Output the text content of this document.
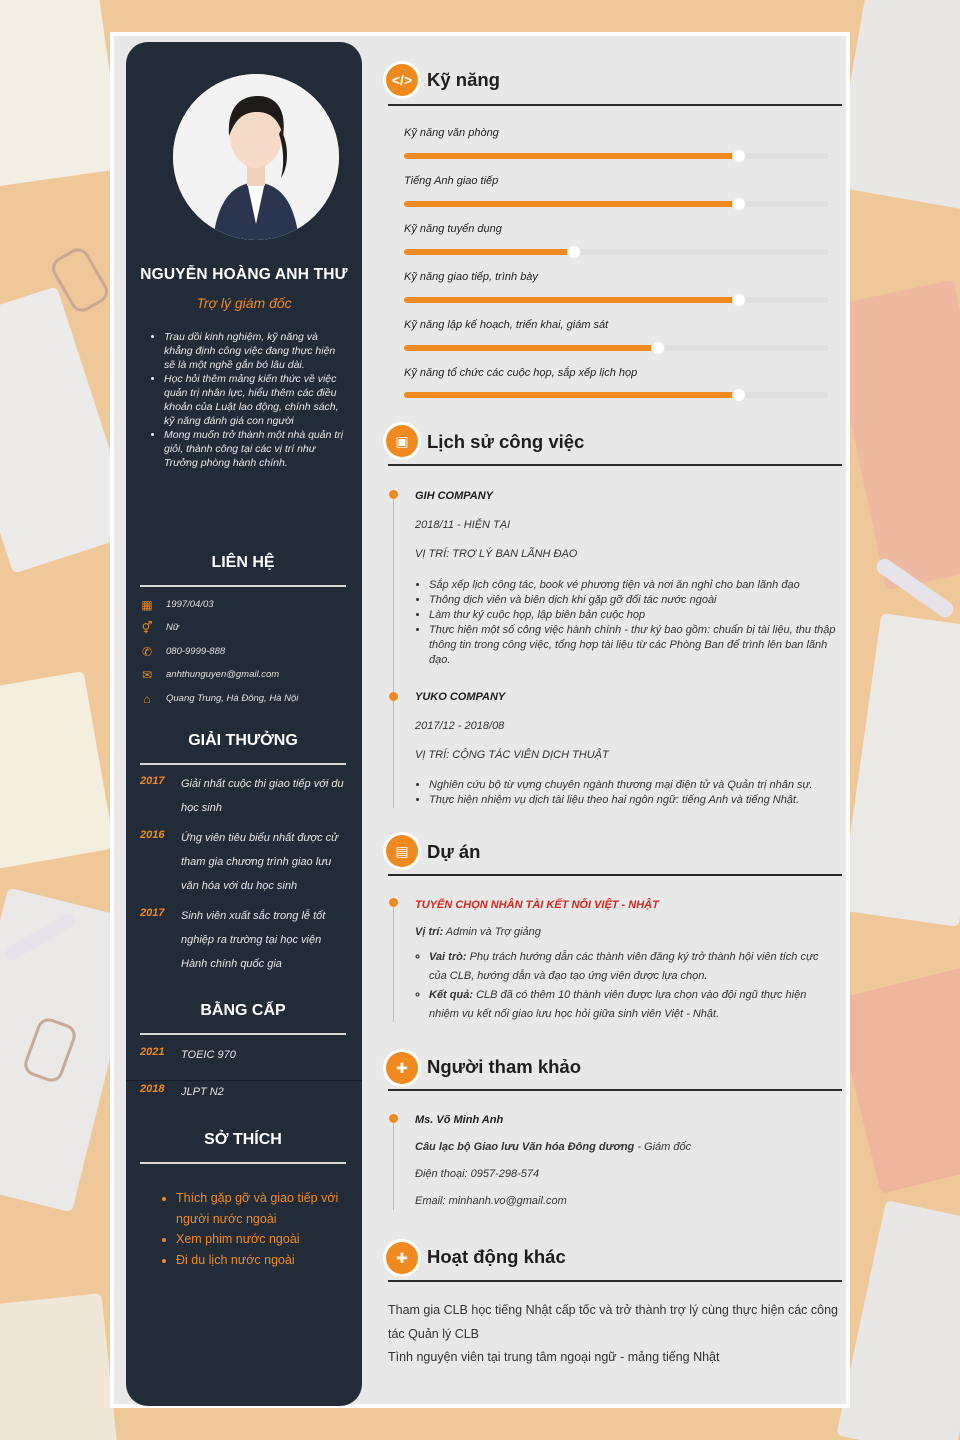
NGUYỄN HOÀNG ANH THƯ
Trợ lý giám đốc
• Trau dồi kinh nghiệm, kỹ năng và khẳng định công việc đang thực hiện sẽ là một nghề gắn bó lâu dài.
• Học hỏi thêm mảng kiến thức về việc quản trị nhân lực, hiểu thêm các điều khoản của Luật lao động, chính sách, kỹ năng đánh giá con người
• Mong muốn trở thành một nhà quản trị giỏi, thành công tại các vị trí như Trưởng phòng hành chính.
LIÊN HỆ
▦ 1997/04/03
⚥ Nữ
✆ 080-9999-888
✉ anhthunguyen@gmail.com
⌂	Quang Trung, Hà Đông, Hà Nội
GIẢI THƯỞNG
2017 Giải nhất cuộc thi giao tiếp với du học sinh
2016 Ứng viên tiêu biểu nhất được cử tham gia chương trình giao lưu văn hóa với du học sinh
2017 Sinh viên xuất sắc trong lễ tốt nghiệp ra trường tại học viện Hành chính quốc gia
BẰNG CẤP
2021 TOEIC 970
2018 JLPT N2
SỞ THÍCH
• Thích gặp gỡ và giao tiếp với người nước ngoài
• Xem phim nước ngoài
• Đi du lịch nước ngoài
</> Kỹ năng
Kỹ năng văn phòng
Tiếng Anh giao tiếp
Kỹ năng tuyển dụng
Kỹ năng giao tiếp, trình bày
Kỹ năng lập kế hoạch, triển khai, giám sát
Kỹ năng tổ chức các cuộc họp, sắp xếp lịch họp
▣ Lịch sử công việc
GIH COMPANY
2018/11 - HIỆN TẠI
VỊ TRÍ: TRỢ LÝ BAN LÃNH ĐẠO
• Sắp xếp lịch công tác, book vé phương tiện và nơi ăn nghỉ cho ban lãnh đạo
• Thông dịch viên và biên dịch khi gặp gỡ đối tác nước ngoài
• Làm thư ký cuộc họp, lập biên bản cuộc họp
• Thực hiện một số công việc hành chính - thư ký bao gồm: chuẩn bị tài liệu, thu thập thông tin trong công việc, tổng hợp tài liệu từ các Phòng Ban để trình lên ban lãnh đạo.
YUKO COMPANY
2017/12 - 2018/08
VỊ TRÍ: CỘNG TÁC VIÊN DỊCH THUẬT
• Nghiên cứu bộ từ vựng chuyên ngành thương mại điện tử và Quản trị nhân sự.
• Thực hiện nhiệm vụ dịch tài liệu theo hai ngôn ngữ: tiếng Anh và tiếng Nhật.
▤ Dự án
TUYỂN CHỌN NHÂN TÀI KẾT NỐI VIỆT - NHẬT
Vị trí: Admin và Trợ giảng
◦ Vai trò: Phụ trách hướng dẫn các thành viên đăng ký trở thành hội viên tích cực của CLB, hướng dẫn và đạo tạo ứng viên được lựa chọn.
◦ Kết quả: CLB đã có thêm 10 thành viên được lựa chọn vào đội ngũ thực hiện nhiệm vụ kết nối giao lưu học hỏi giữa sinh viên Việt - Nhật.
✚	Người tham khảo
Ms. Võ Minh Anh
Câu lạc bộ Giao lưu Văn hóa Đông dương - Giám đốc
Điện thoại: 0957-298-574
Email: minhanh.vo@gmail.com
✚	Hoạt động khác
Tham gia CLB học tiếng Nhật cấp tốc và trở thành trợ lý cùng thực hiện các công tác Quản lý CLB
Tình nguyện viên tại trung tâm ngoại ngữ - mảng tiếng Nhật
